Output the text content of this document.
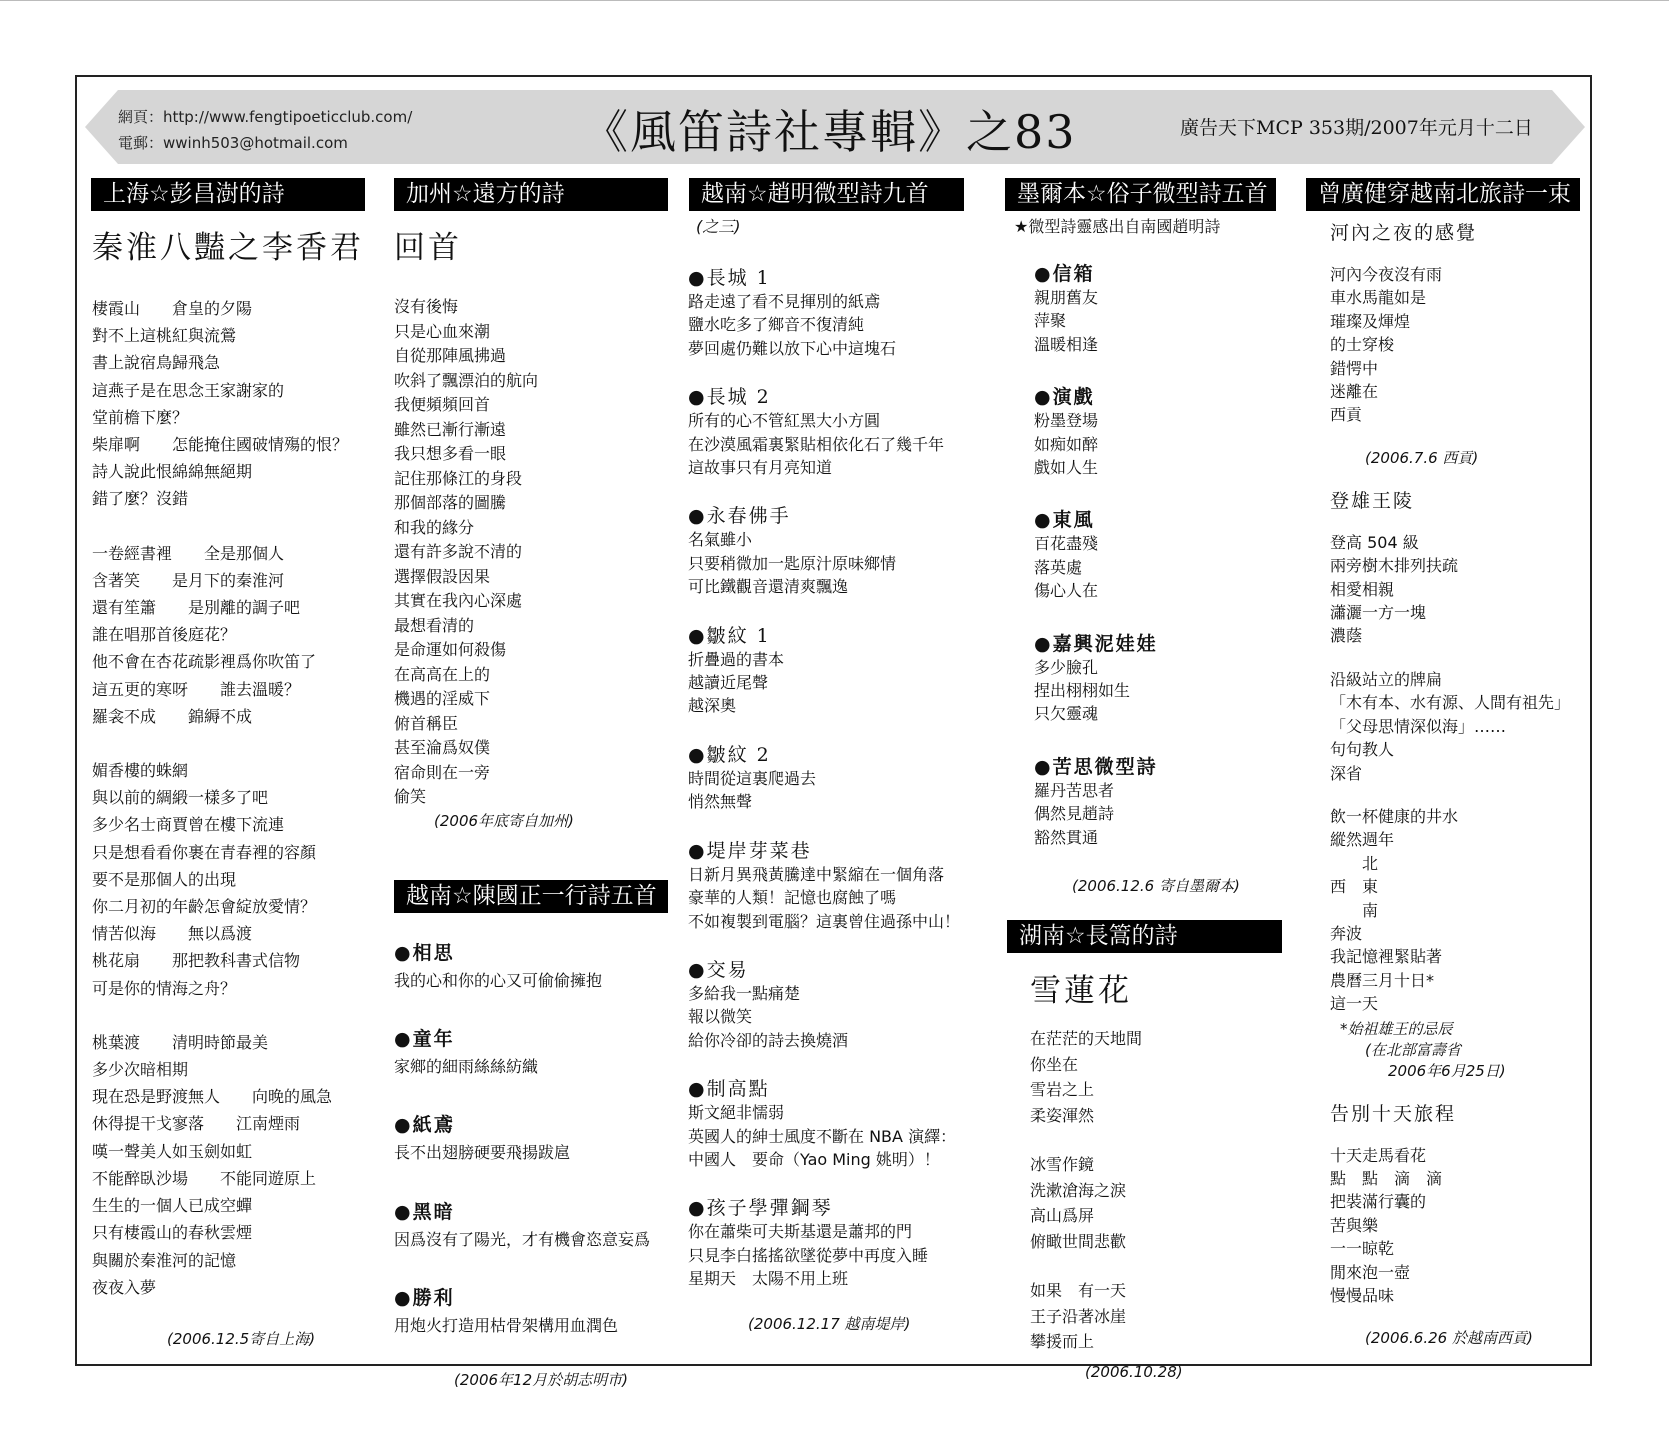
網頁：http://www.fengtipoeticclub.com/
電郵：wwinh503@hotmail.com	《風笛詩社專輯》之83	廣告天下MCP 353期/2007年元月十二日
上海☆彭昌澍的詩
秦淮八豔之李香君
棲霞山　　倉皇的夕陽
對不上這桃紅與流鶯
書上說宿鳥歸飛急
這燕子是在思念王家謝家的
堂前檐下麼？
柴扉啊　　怎能掩住國破情殤的恨？
詩人說此恨綿綿無絕期
錯了麼？沒錯
一卷經書裡　　全是那個人
含著笑　　是月下的秦淮河
還有笙簫　　是別離的調子吧
誰在唱那首後庭花？
他不會在杏花疏影裡爲你吹笛了
這五更的寒呀　　誰去溫暖？
羅衾不成　　錦縟不成
媚香樓的蛛網
與以前的綢緞一樣多了吧
多少名士商賈曾在樓下流連
只是想看看你裹在青春裡的容顏
要不是那個人的出現
你二月初的年齡怎會綻放愛情？
情苦似海　　無以爲渡
桃花扇　　那把教科書式信物
可是你的情海之舟？
桃葉渡　　清明時節最美
多少次暗相期
現在恐是野渡無人　　向晚的風急
休得提干戈寥落　　江南煙雨
嘆一聲美人如玉劍如虹
不能醉臥沙場　　不能同遊原上
生生的一個人已成空蟬
只有棲霞山的春秋雲煙
與關於秦淮河的記憶
夜夜入夢
(2006.12.5寄自上海)
加州☆遠方的詩
回首
沒有後悔
只是心血來潮
自從那陣風拂過
吹斜了飄漂泊的航向
我便頻頻回首
雖然已漸行漸遠
我只想多看一眼
記住那條江的身段
那個部落的圖騰
和我的緣分
還有許多說不清的
選擇假設因果
其實在我內心深處
最想看清的
是命運如何殺傷
在高高在上的
機遇的淫威下
俯首稱臣
甚至淪爲奴僕
宿命則在一旁
偷笑
(2006年底寄自加州)
越南☆陳國正一行詩五首
●相思
我的心和你的心又可偷偷擁抱
●童年
家鄉的細雨絲絲紡織
●紙鳶
長不出翅膀硬要飛揚跋扈
●黑暗
因爲沒有了陽光，才有機會恣意妄爲
●勝利
用炮火打造用枯骨架構用血潤色
(2006年12月於胡志明市)
越南☆趙明微型詩九首
(之三)
●長城 1
路走遠了看不見揮別的紙鳶
鹽水吃多了鄉音不復清純
夢回處仍難以放下心中這塊石
●長城 2
所有的心不管紅黑大小方圓
在沙漠風霜裏緊貼相依化石了幾千年
這故事只有月亮知道
●永春佛手
名氣雖小
只要稍微加一匙原汁原味鄉情
可比鐵觀音還清爽飄逸
●皺紋 1
折疊過的書本
越讀近尾聲
越深奧
●皺紋 2
時間從這裏爬過去
悄然無聲
●堤岸芽菜巷
日新月異飛黃騰達中緊縮在一個角落
豪華的人類！記憶也腐蝕了嗎
不如複製到電腦？這裏曾住過孫中山！
●交易
多給我一點痛楚
報以微笑
給你冷卻的詩去換燒酒
●制高點
斯文絕非懦弱
英國人的紳士風度不斷在 NBA 演繹：
中國人　要命（Yao Ming 姚明）！
●孩子學彈鋼琴
你在蕭柴可夫斯基還是蕭邦的門
只見李白搖搖欲墜從夢中再度入睡
星期天　太陽不用上班
(2006.12.17 越南堤岸)
墨爾本☆俗子微型詩五首
★微型詩靈感出自南國趙明詩
●信箱
親朋舊友
萍聚
溫暖相逢
●演戲
粉墨登場
如痴如醉
戲如人生
●東風
百花盡殘
落英處
傷心人在
●嘉興泥娃娃
多少臉孔
捏出栩栩如生
只欠靈魂
●苦思微型詩
羅丹苦思者
偶然見趙詩
豁然貫通
(2006.12.6 寄自墨爾本)
湖南☆長篙的詩
雪蓮花
在茫茫的天地間
你坐在
雪岩之上
柔姿渾然
冰雪作鏡
洗漱滄海之淚
高山爲屏
俯瞰世間悲歡
如果　有一天
王子沿著冰崖
攀援而上
(2006.10.28)
曾廣健穿越南北旅詩一束
河內之夜的感覺
河內今夜沒有雨
車水馬龍如是
璀璨及煇煌
的士穿梭
錯愕中
迷離在
西貢
(2006.7.6 西貢)
登雄王陵
登高 504 級
兩旁樹木排列扶疏
相愛相親
瀟灑一方一塊
濃蔭
沿級站立的牌扁
「木有本、水有源、人間有祖先」
「父母思情深似海」……
句句教人
深省
飲一杯健康的井水
縱然週年
　　北
西　東
　　南
奔波
我記憶裡緊貼著
農曆三月十日*
這一天
*始祖雄王的忌辰
(在北部富壽省
2006年6月25日)
告別十天旅程
十天走馬看花
點　點　滴　滴
把裝滿行囊的
苦與樂
一一晾乾
閒來泡一壺
慢慢品味
(2006.6.26 於越南西貢)
